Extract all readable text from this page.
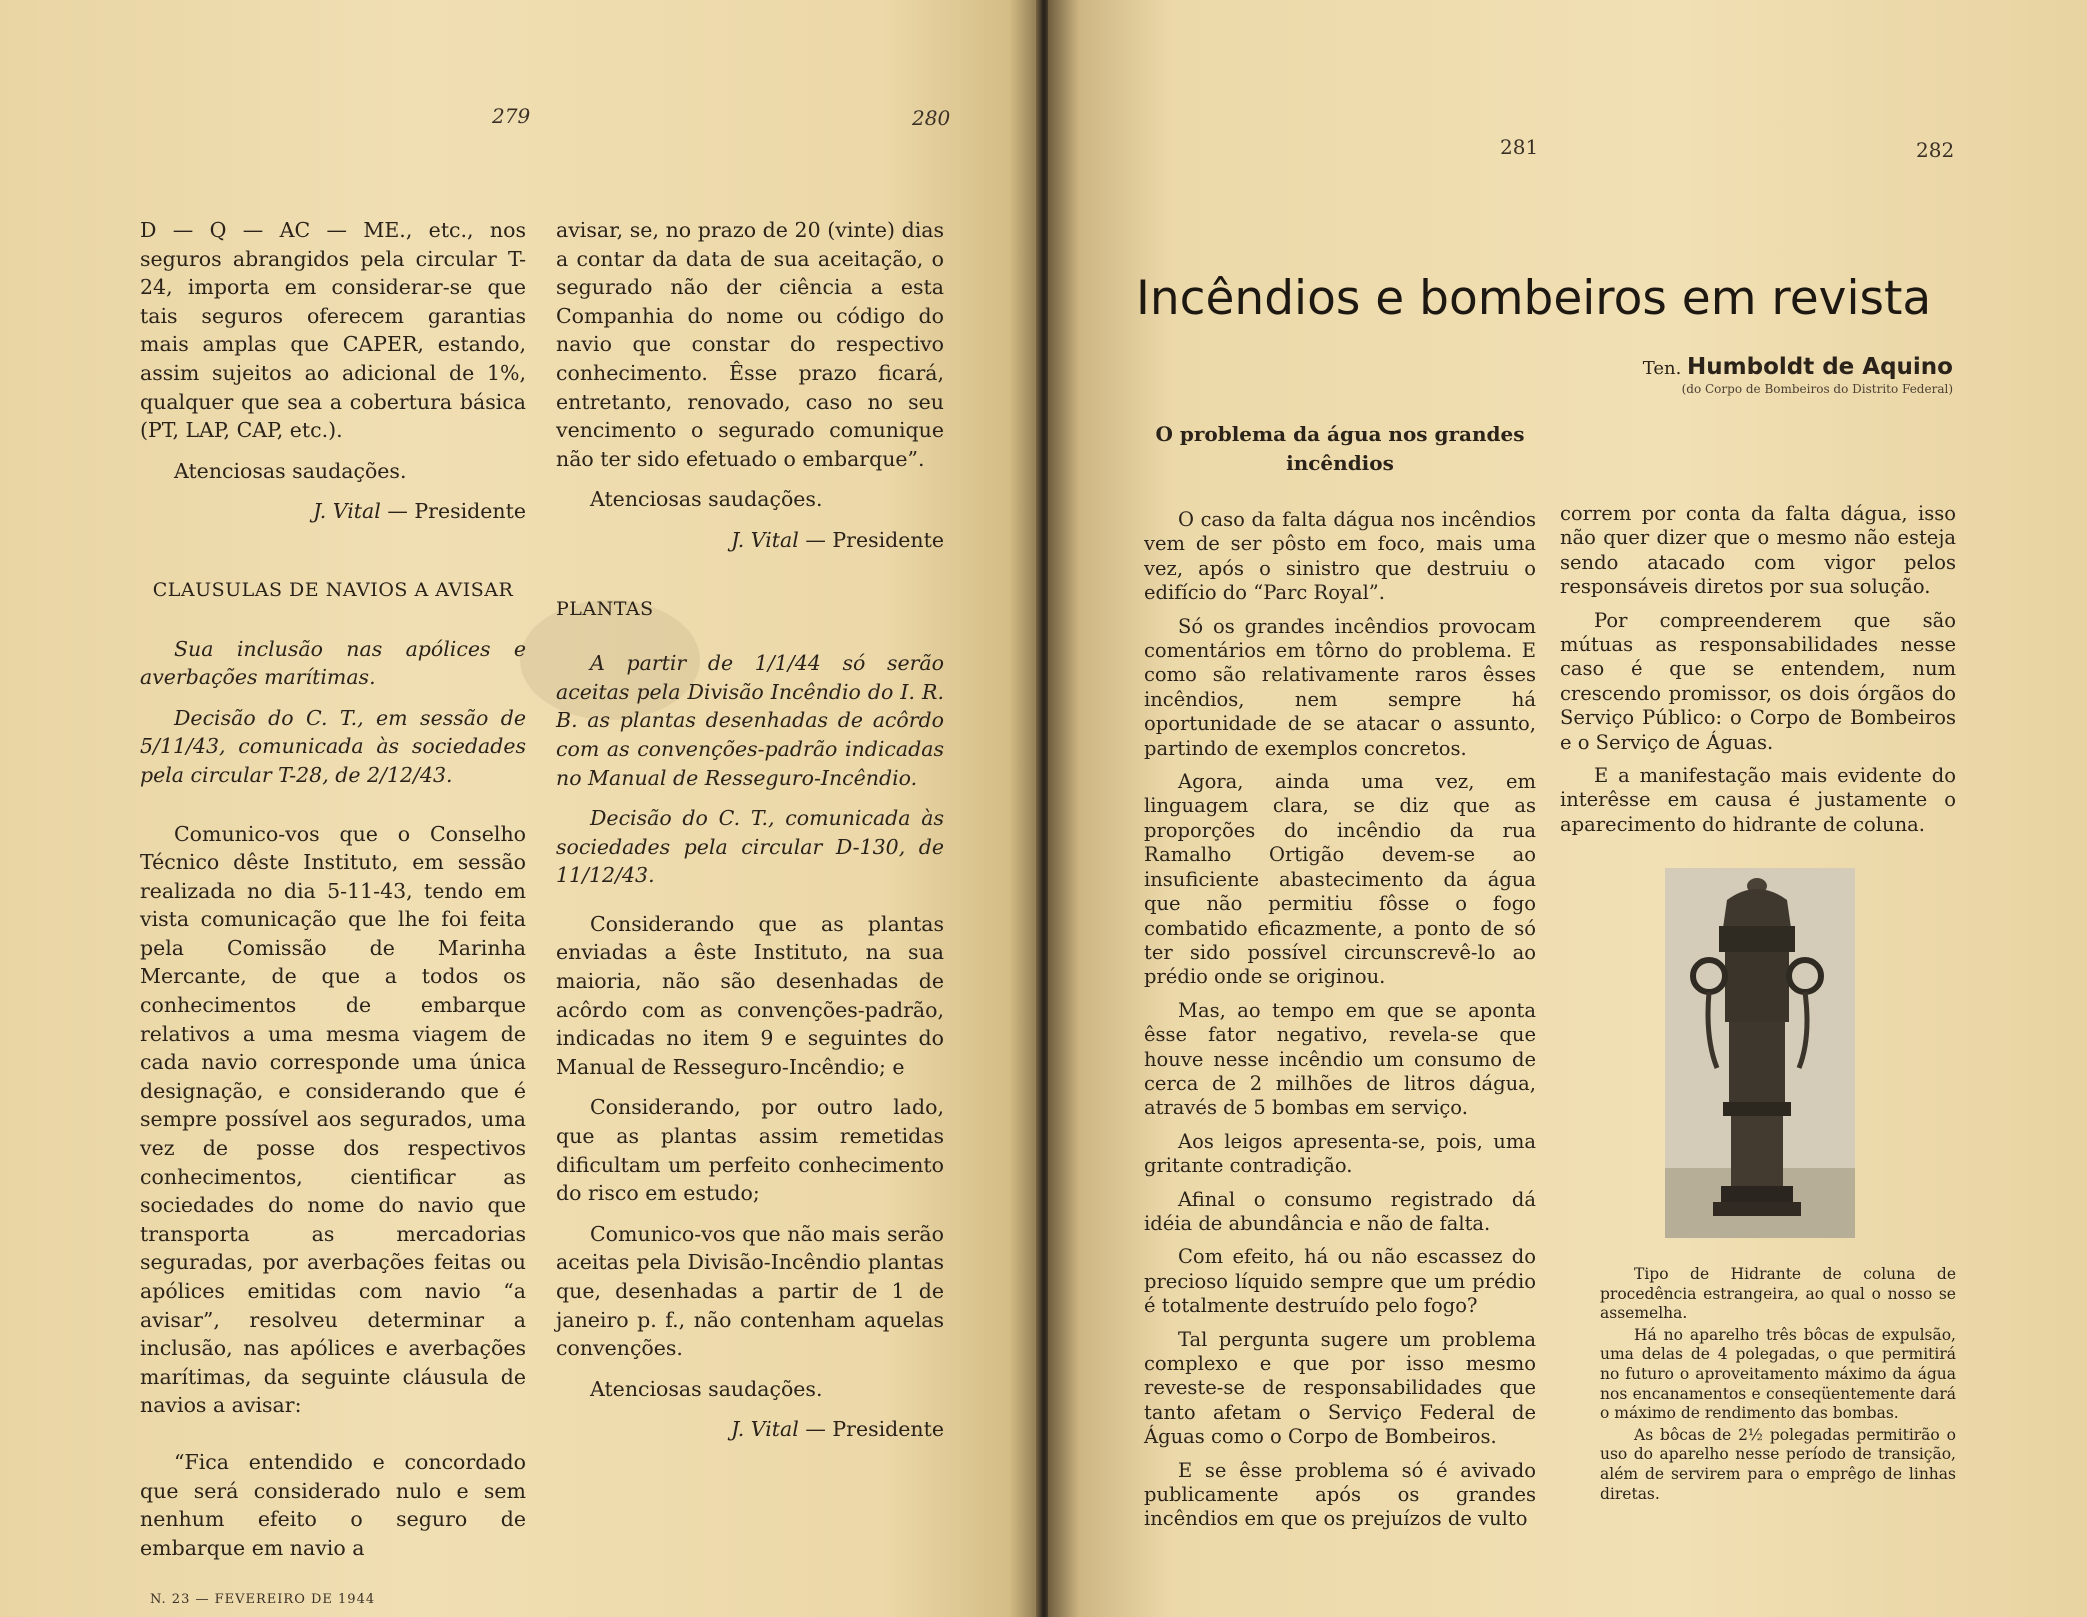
279	280

D — Q — AC — ME., etc., nos seguros abrangidos pela circular T-24, importa em considerar-se que tais seguros oferecem garantias mais amplas que CAPER, estando, assim sujeitos ao adicional de 1%, qualquer que sea a cobertura básica (PT, LAP, CAP, etc.).

Atenciosas saudações.

J. Vital — Presidente

CLAUSULAS DE NAVIOS A AVISAR

Sua inclusão nas apólices e averbações marítimas.

Decisão do C. T., em sessão de 5/11/43, comunicada às sociedades pela circular T-28, de 2/12/43.

Comunico-vos que o Conselho Técnico dêste Instituto, em sessão realizada no dia 5-11-43, tendo em vista comunicação que lhe foi feita pela Comissão de Marinha Mercante, de que a todos os conhecimentos de embarque relativos a uma mesma viagem de cada navio corresponde uma única designação, e considerando que é sempre possível aos segurados, uma vez de posse dos respectivos conhecimentos, cientificar as sociedades do nome do navio que transporta as mercadorias seguradas, por averbações feitas ou apólices emitidas com navio “a avisar”, resolveu determinar a inclusão, nas apólices e averbações marítimas, da seguinte cláusula de navios a avisar:

“Fica entendido e concordado que será considerado nulo e sem nenhum efeito o seguro de embarque em navio a

avisar, se, no prazo de 20 (vinte) dias a contar da data de sua aceitação, o segurado não der ciência a esta Companhia do nome ou código do navio que constar do respectivo conhecimento. Êsse prazo ficará, entretanto, renovado, caso no seu vencimento o segurado comunique não ter sido efetuado o embarque”.

Atenciosas saudações.

J. Vital — Presidente

PLANTAS

A partir de 1/1/44 só serão aceitas pela Divisão Incêndio do I. R. B. as plantas desenhadas de acôrdo com as convenções-padrão indicadas no Manual de Resseguro-Incêndio.

Decisão do C. T., comunicada às sociedades pela circular D-130, de 11/12/43.

Considerando que as plantas enviadas a êste Instituto, na sua maioria, não são desenhadas de acôrdo com as convenções-padrão, indicadas no item 9 e seguintes do Manual de Resseguro-Incêndio; e

Considerando, por outro lado, que as plantas assim remetidas dificultam um perfeito conhecimento do risco em estudo;

Comunico-vos que não mais serão aceitas pela Divisão-Incêndio plantas que, desenhadas a partir de 1 de janeiro p. f., não contenham aquelas convenções.

Atenciosas saudações.

J. Vital — Presidente

N. 23 — FEVEREIRO DE 1944
281	282
Incêndios e bombeiros em revista
Ten. Humboldt de Aquino
(do Corpo de Bombeiros do Distrito Federal)
O problema da água nos grandes incêndios

O caso da falta dágua nos incêndios vem de ser pôsto em foco, mais uma vez, após o sinistro que destruiu o edifício do “Parc Royal”.

Só os grandes incêndios provocam comentários em tôrno do problema. E como são relativamente raros êsses incêndios, nem sempre há oportunidade de se atacar o assunto, partindo de exemplos concretos.

Agora, ainda uma vez, em linguagem clara, se diz que as proporções do incêndio da rua Ramalho Ortigão devem-se ao insuficiente abastecimento da água que não permitiu fôsse o fogo combatido eficazmente, a ponto de só ter sido possível circunscrevê-lo ao prédio onde se originou.

Mas, ao tempo em que se aponta êsse fator negativo, revela-se que houve nesse incêndio um consumo de cerca de 2 milhões de litros dágua, através de 5 bombas em serviço.

Aos leigos apresenta-se, pois, uma gritante contradição.

Afinal o consumo registrado dá idéia de abundância e não de falta.

Com efeito, há ou não escassez do precioso líquido sempre que um prédio é totalmente destruído pelo fogo?

Tal pergunta sugere um problema complexo e que por isso mesmo reveste-se de responsabilidades que tanto afetam o Serviço Federal de Águas como o Corpo de Bombeiros.

E se êsse problema só é avivado publicamente após os grandes incêndios em que os prejuízos de vulto

correm por conta da falta dágua, isso não quer dizer que o mesmo não esteja sendo atacado com vigor pelos responsáveis diretos por sua solução.

Por compreenderem que são mútuas as responsabilidades nesse caso é que se entendem, num crescendo promissor, os dois órgãos do Serviço Público: o Corpo de Bombeiros e o Serviço de Águas.

E a manifestação mais evidente do interêsse em causa é justamente o aparecimento do hidrante de coluna.

Tipo de Hidrante de coluna de procedência estrangeira, ao qual o nosso se assemelha.

Há no aparelho três bôcas de expulsão, uma delas de 4 polegadas, o que permitirá no futuro o aproveitamento máximo da água nos encanamentos e conseqüentemente dará o máximo de rendimento das bombas.

As bôcas de 2½ polegadas permitirão o uso do aparelho nesse período de transição, além de servirem para o emprêgo de linhas diretas.
